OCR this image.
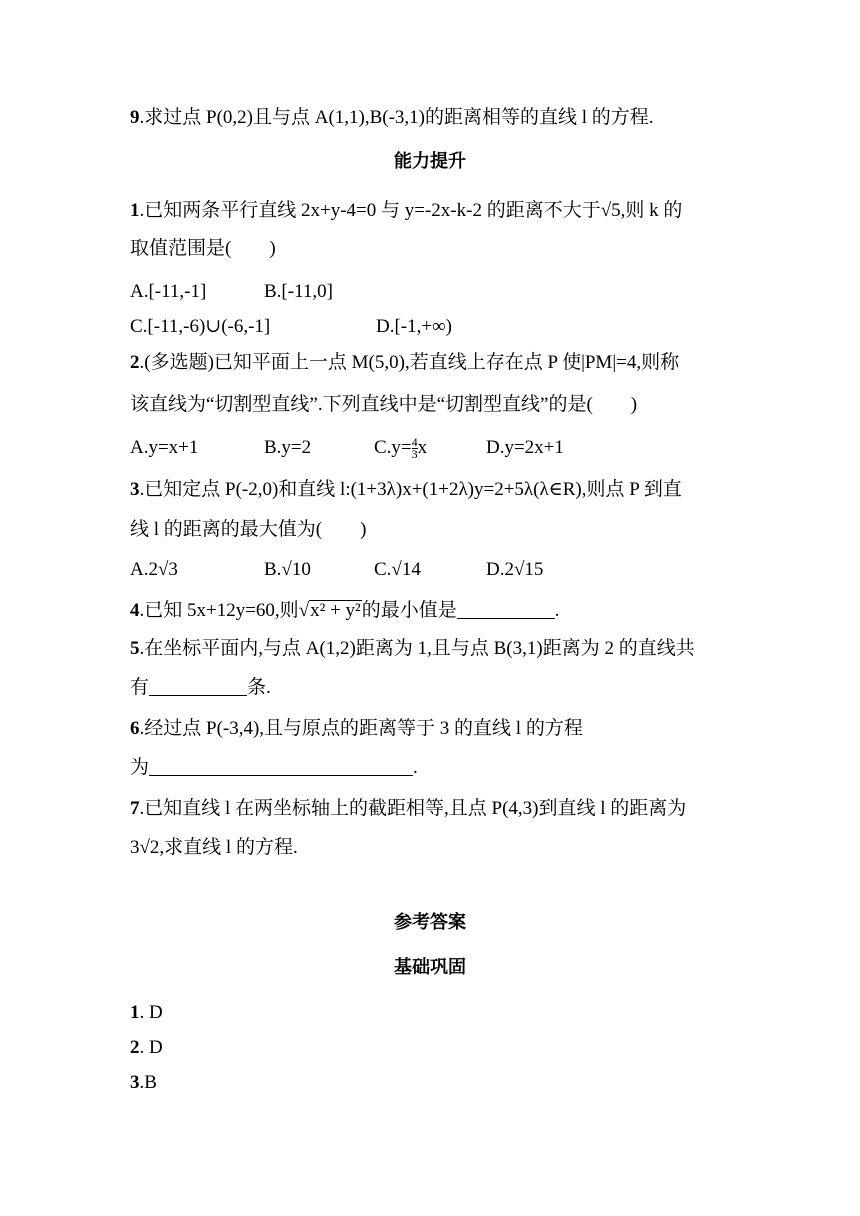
9.求过点 P(0,2)且与点 A(1,1),B(-3,1)的距离相等的直线 l 的方程.
能力提升
1.已知两条平行直线 2x+y-4=0 与 y=-2x-k-2 的距离不大于√5,则 k 的
取值范围是(　　)
A.[-11,-1]	B.[-11,0]
C.[-11,-6)∪(-6,-1]	D.[-1,+∞)
2.(多选题)已知平面上一点 M(5,0),若直线上存在点 P 使|PM|=4,则称
该直线为“切割型直线”.下列直线中是“切割型直线”的是(　　)
A.y=x+1	B.y=2	$C.y= \frac{4}{3}$ x	D.y=2x+1
3.已知定点 P(-2,0)和直线 l:(1+3λ)x+(1+2λ)y=2+5λ(λ∈R),则点 P 到直
线 l 的距离的最大值为(　　)
A.2√3	B.√10	C.√14	D.2√15
4.已知 5x+12y=60,则√x² + y²的最小值是	.
5.在坐标平面内,与点 A(1,2)距离为 1,且与点 B(3,1)距离为 2 的直线共
有	条.
6.经过点 P(-3,4),且与原点的距离等于 3 的直线 l 的方程
为	.
7.已知直线 l 在两坐标轴上的截距相等,且点 P(4,3)到直线 l 的距离为
3√2,求直线 l 的方程.
参考答案
基础巩固
1. D
2. D
3.B
